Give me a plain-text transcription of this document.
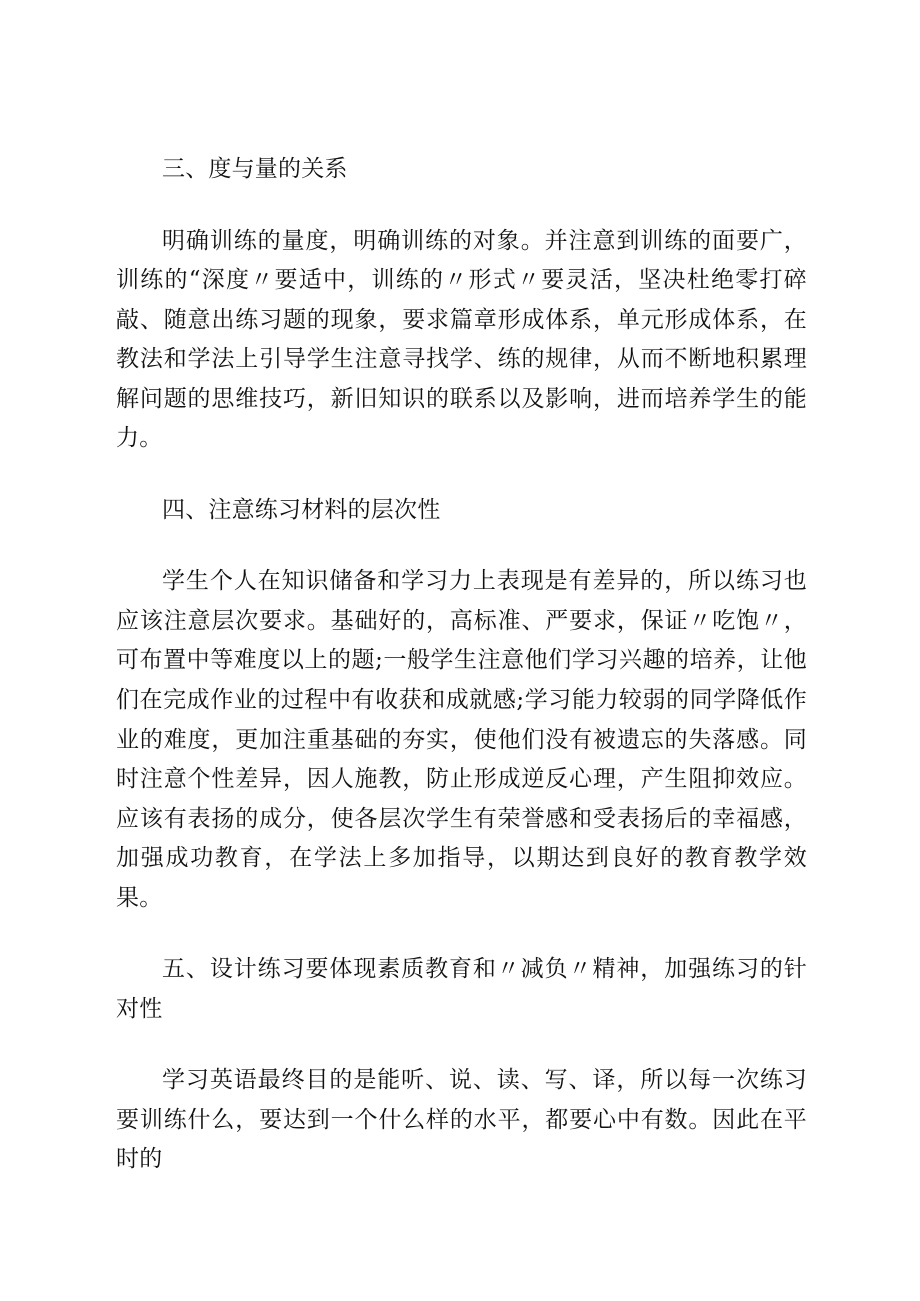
三、度与量的关系

明确训练的量度，明确训练的对象。并注意到训练的面要广，训练的“深度〃要适中，训练的〃形式〃要灵活，坚决杜绝零打碎敲、随意出练习题的现象，要求篇章形成体系，单元形成体系，在教法和学法上引导学生注意寻找学、练的规律，从而不断地积累理解问题的思维技巧，新旧知识的联系以及影响，进而培养学生的能力。

四、注意练习材料的层次性

学生个人在知识储备和学习力上表现是有差异的，所以练习也应该注意层次要求。基础好的，高标准、严要求，保证〃吃饱〃，可布置中等难度以上的题;一般学生注意他们学习兴趣的培养，让他们在完成作业的过程中有收获和成就感;学习能力较弱的同学降低作业的难度，更加注重基础的夯实，使他们没有被遗忘的失落感。同时注意个性差异，因人施教，防止形成逆反心理，产生阻抑效应。应该有表扬的成分，使各层次学生有荣誉感和受表扬后的幸福感，加强成功教育，在学法上多加指导，以期达到良好的教育教学效果。

五、设计练习要体现素质教育和〃减负〃精神，加强练习的针对性

学习英语最终目的是能听、说、读、写、译，所以每一次练习要训练什么，要达到一个什么样的水平，都要心中有数。因此在平时的
